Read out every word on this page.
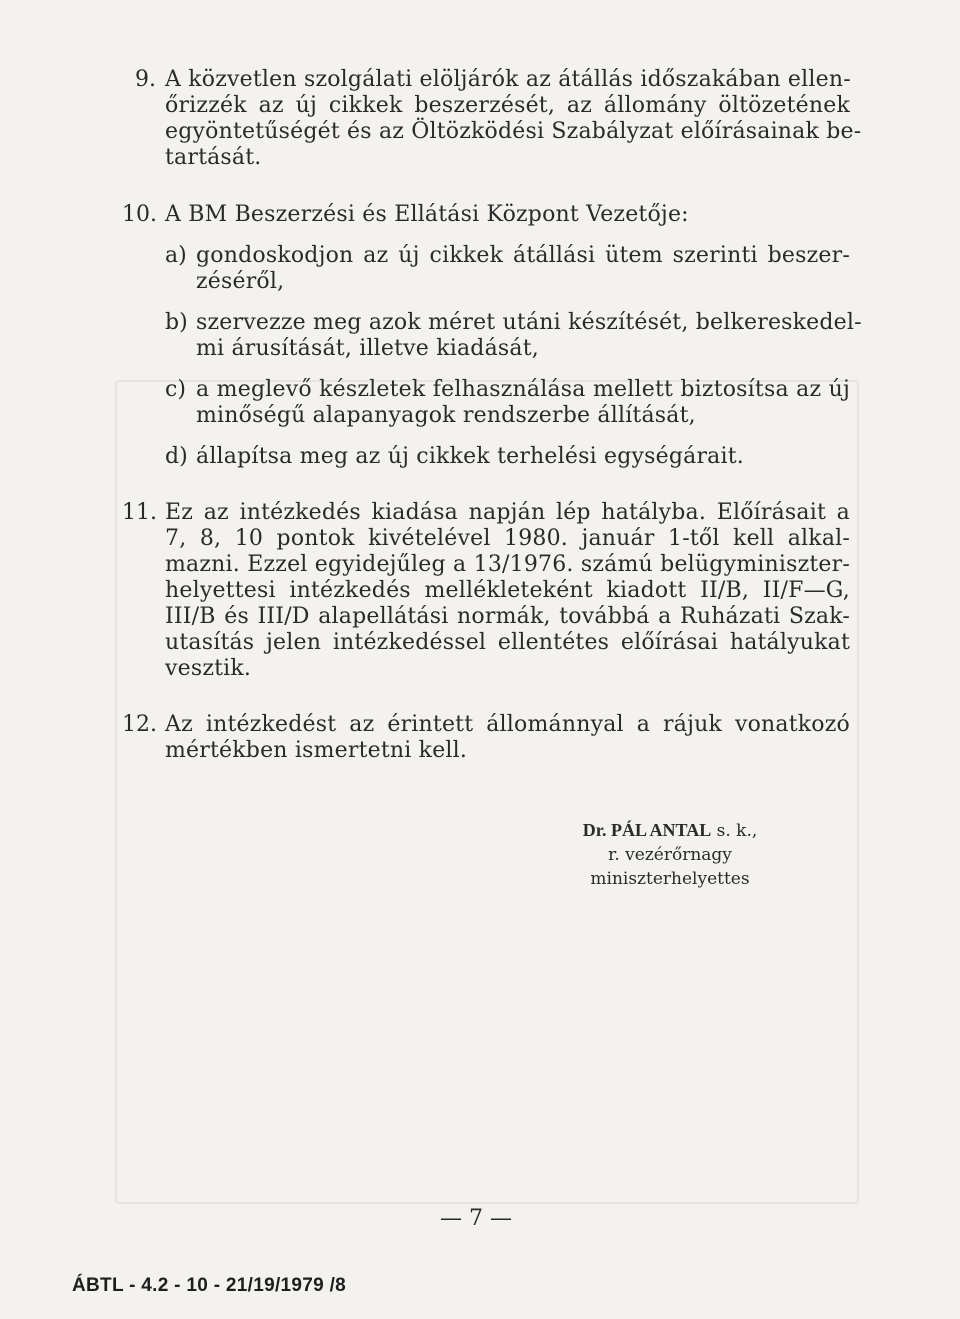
9. A közvetlen szolgálati elöljárók az átállás időszakában ellen-
őrizzék az új cikkek beszerzését, az állomány öltözetének
egyöntetűségét és az Öltözködési Szabályzat előírásainak be-
tartását.
10. A BM Beszerzési és Ellátási Központ Vezetője:
a) gondoskodjon az új cikkek átállási ütem szerinti beszer-
zéséről,
b) szervezze meg azok méret utáni készítését, belkereskedel-
mi árusítását, illetve kiadását,
c) a meglevő készletek felhasználása mellett biztosítsa az új
minőségű alapanyagok rendszerbe állítását,
d) állapítsa meg az új cikkek terhelési egységárait.
11. Ez az intézkedés kiadása napján lép hatályba. Előírásait a
7, 8, 10 pontok kivételével 1980. január 1-től kell alkal-
mazni. Ezzel egyidejűleg a 13/1976. számú belügyminiszter-
helyettesi intézkedés mellékleteként kiadott II/B, II/F—G,
III/B és III/D alapellátási normák, továbbá a Ruházati Szak-
utasítás jelen intézkedéssel ellentétes előírásai hatályukat
vesztik.
12. Az intézkedést az érintett állománnyal a rájuk vonatkozó
mértékben ismertetni kell.
Dr. PÁL ANTAL s. k.,
r. vezérőrnagy
miniszterhelyettes
— 7 —
ÁBTL - 4.2 - 10 - 21/19/1979 /8
